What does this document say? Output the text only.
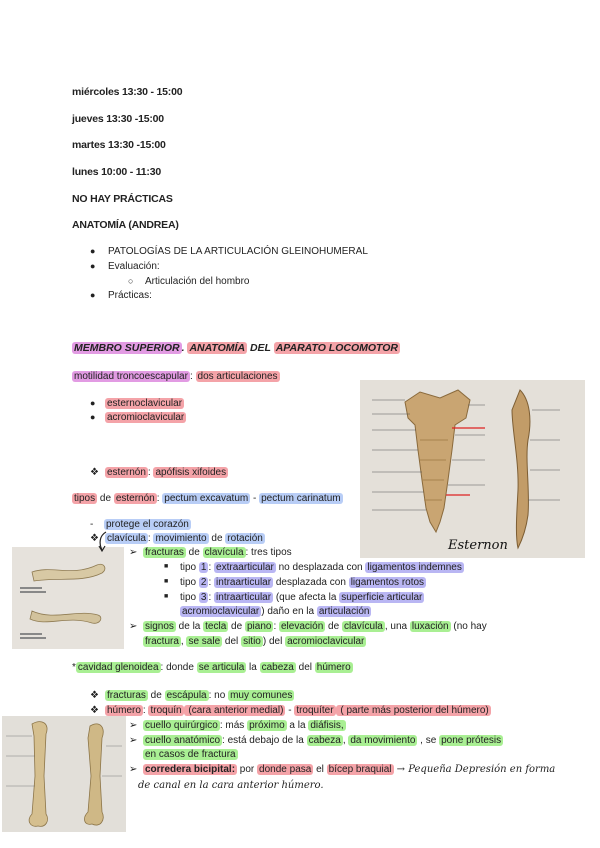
miércoles 13:30 - 15:00
jueves 13:30 -15:00
martes 13:30 -15:00
lunes 10:00 - 11:30
NO HAY PRÁCTICAS
ANATOMÍA (ANDREA)
● PATOLOGÍAS DE LA ARTICULACIÓN GLEINOHUMERAL
● Evaluación:
○ Articulación del hombro
● Prácticas:
MEMBRO SUPERIOR . ANATOMÍA DEL APARATO LOCOMOTOR
motilidad troncoescapular : dos articulaciones
● esternoclavicular
● acromioclavicular
❖ esternón : apófisis xifoides
tipos de esternón : pectum excavatum - pectum carinatum
- protege el corazón
❖ clavícula : movimiento de rotación
➢ fracturas de clavícula : tres tipos
■ tipo 1 : extraarticular no desplazada con ligamentos indemnes
■ tipo 2 : intraarticular desplazada con ligamentos rotos
■ tipo 3 : intraarticular (que afecta la superficie articular
acromioclavicular ) daño en la articulación
➢ signos de la tecla de piano : elevación de clavícula , una luxación (no hay
fractura , se sale del sitio ) del acromioclavicular
* cavidad glenoidea : donde se articula la cabeza del húmero
❖ fracturas de escápula : no muy comunes
❖ húmero : troquín (cara anterior medial) - troquíter ( parte más posterior del húmero)
➢ cuello quirúrgico : más próximo a la diáfisis,
➢ cuello anatómico : está debajo de la cabeza , da movimiento , se pone prótesis
en casos de fractura
➢ corredera bicipital: por donde pasa el bícep braquial → Pequeña Depresión en forma
de canal en la cara anterior húmero.
Esternon
